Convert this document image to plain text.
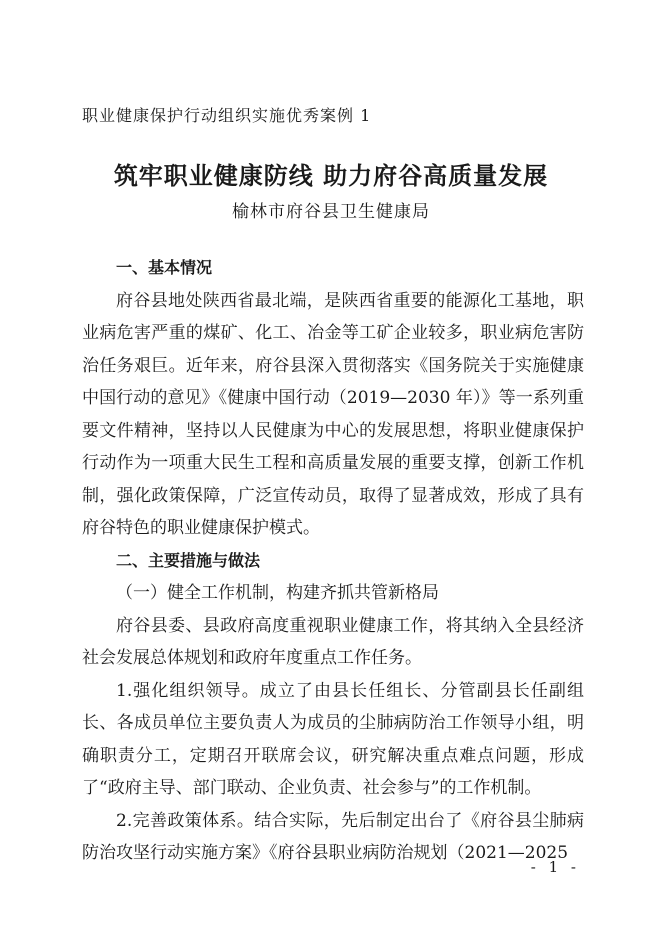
职业健康保护行动组织实施优秀案例 1
筑牢职业健康防线 助力府谷高质量发展
榆林市府谷县卫生健康局

一、基本情况

府谷县地处陕西省最北端，是陕西省重要的能源化工基地，职业病危害严重的煤矿、化工、冶金等工矿企业较多，职业病危害防治任务艰巨。近年来，府谷县深入贯彻落实《国务院关于实施健康中国行动的意见》《健康中国行动（2019—2030 年）》等一系列重要文件精神，坚持以人民健康为中心的发展思想，将职业健康保护行动作为一项重大民生工程和高质量发展的重要支撑，创新工作机制，强化政策保障，广泛宣传动员，取得了显著成效，形成了具有府谷特色的职业健康保护模式。

二、主要措施与做法

（一）健全工作机制，构建齐抓共管新格局

府谷县委、县政府高度重视职业健康工作，将其纳入全县经济社会发展总体规划和政府年度重点工作任务。

1.强化组织领导。成立了由县长任组长、分管副县长任副组长、各成员单位主要负责人为成员的尘肺病防治工作领导小组，明确职责分工，定期召开联席会议，研究解决重点难点问题，形成了“政府主导、部门联动、企业负责、社会参与”的工作机制。

2.完善政策体系。结合实际，先后制定出台了《府谷县尘肺病防治攻坚行动实施方案》《府谷县职业病防治规划（2021—2025

- 1 -
